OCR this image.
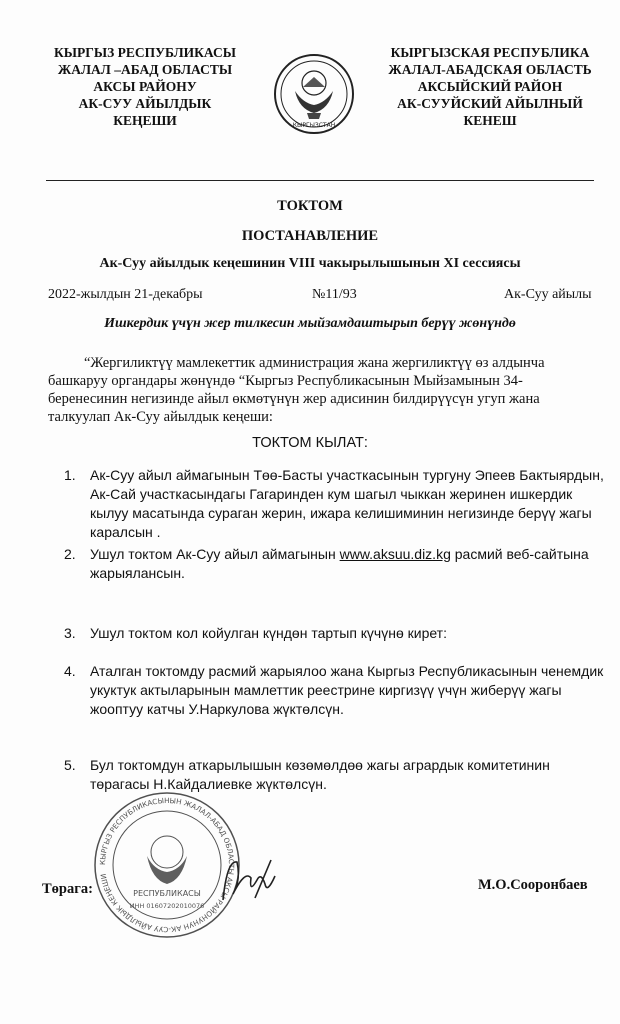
КЫРГЫЗ РЕСПУБЛИКАСЫ
ЖАЛАЛ –АБАД ОБЛАСТЫ
АКСЫ РАЙОНУ
АК-СУУ АЙЫЛДЫК
КЕҢЕШИ	КЫРГЫЗСТАН
КЫРГЫЗСКАЯ РЕСПУБЛИКА
ЖАЛАЛ-АБАДСКАЯ ОБЛАСТЬ
АКСЫЙСКИЙ РАЙОН
АК-СУУЙСКИЙ АЙЫЛНЫЙ
КЕНЕШ
ТОКТОМ
ПОСТАНАВЛЕНИЕ
Ак-Суу айылдык кеңешинин VIII чакырылышынын XI сессиясы
2022-жылдын 21-декабры	№11/93	Ак-Суу айылы
Ишкердик үчүн жер тилкесин мыйзамдаштырып берүү жөнүндө
“Жергиликтүү мамлекеттик администрация жана жергиликтүү өз алдынча башкаруу органдары жөнүндө “Кыргыз Республикасынын Мыйзамынын 34-беренесинин негизинде айыл өкмөтүнүн жер адисинин билдирүүсүн угуп жана талкуулап Ак-Суу айылдык кеңеши:
ТОКТОМ КЫЛАТ:
1.	Ак-Суу айыл аймагынын Төө-Басты участкасынын тургуну Эпеев Бактыярдын, Ак-Сай участкасындагы Гагаринден кум шагыл чыккан жеринен ишкердик кылуу масатында сураган жерин, ижара келишиминин негизинде берүү жагы каралсын .
2.	Ушул токтом Ак-Суу айыл аймагынын www.aksuu.diz.kg расмий веб-сайтына жарыялансын.
3.	Ушул токтом кол койулган күндөн тартып күчүнө кирет:
4.	Аталган токтомду расмий жарыялоо жана Кыргыз Республикасынын ченемдик укуктук актыларынын мамлеттик реестрине киргизүү үчүн жиберүү жагы жооптуу катчы У.Наркулова жүктөлсүн.
5.	Бул токтомдун аткарылышын көзөмөлдөө жагы агрардык комитетинин төрагасы Н.Кайдалиевке жүктөлсүн.
КЫРГЫЗ РЕСПУБЛИКАСЫНЫН ЖАЛАЛ-АБАД ОБЛАСТЫ АКСЫ РАЙОНУНУН АК-СУУ АЙЫЛДЫК КЕҢЕШИ
РЕСПУБЛИКАСЫ
ИНН 01607202010076
Төрага:	М.О.Сооронбаев
